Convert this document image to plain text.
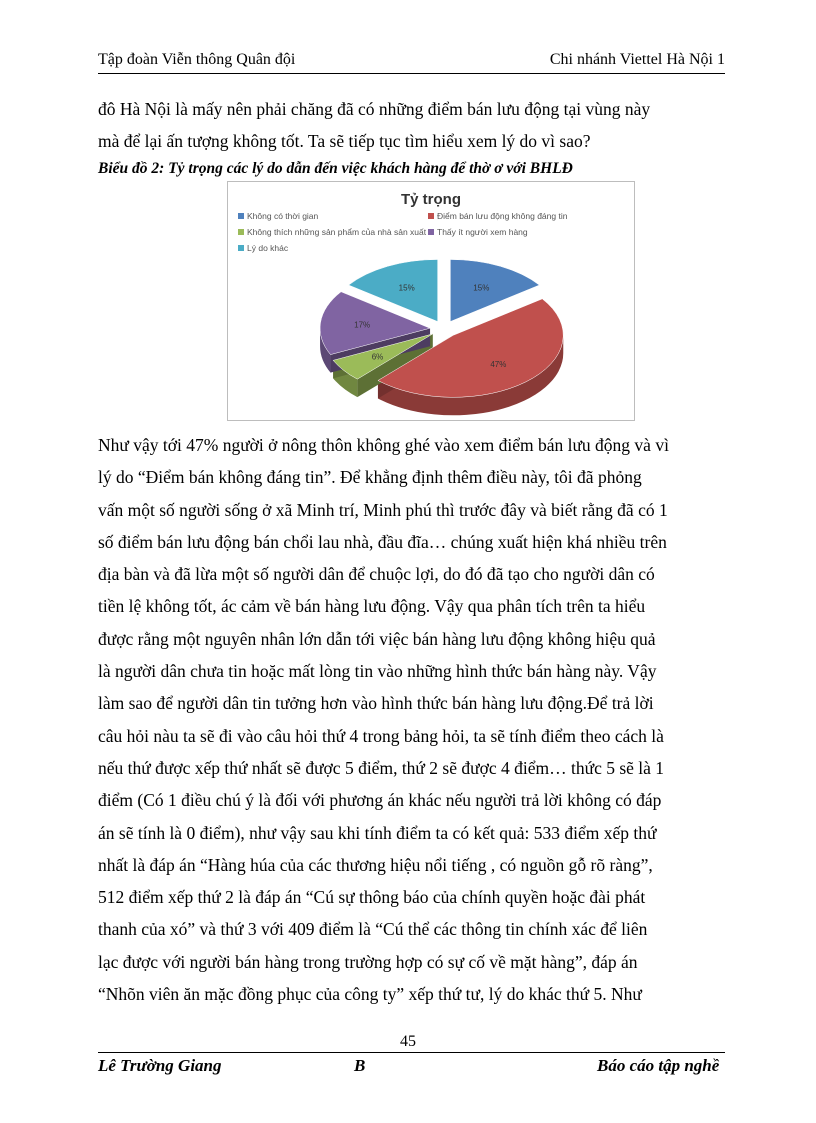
Tập đoàn Viễn thông Quân đội	Chi nhánh Viettel Hà Nội 1

đô Hà Nội là mấy nên phải chăng đã có những điểm bán lưu động tại vùng này

mà để lại ấn tượng không tốt. Ta sẽ tiếp tục tìm hiểu xem lý do vì sao?

Biểu đồ 2: Tỷ trọng các lý do dẫn đến việc khách hàng để thờ ơ với BHLĐ
Tỷ trọng
Không có thời gian	Điểm bán lưu động không đáng tin
Không thích những sản phẩm của nhà sản xuất Thấy ít người xem hàng
Lý do khác
15%
47%
6%
17%
15%

Như vậy tới 47% người ở nông thôn không ghé vào xem điểm bán lưu động và vì

lý do “Điểm bán không đáng tin”. Để khẳng định thêm điều này, tôi đã phỏng

vấn một số người sống ở xã Minh trí, Minh phú thì trước đây và biết rằng đã có 1

số điểm bán lưu động bán chổi lau nhà, đầu đĩa… chúng xuất hiện khá nhiều trên

địa bàn và đã lừa một số người dân để chuộc lợi, do đó đã tạo cho người dân có

tiền lệ không tốt, ác cảm về bán hàng lưu động. Vậy qua phân tích trên ta hiểu

được rằng một nguyên nhân lớn dẫn tới việc bán hàng lưu động không hiệu quả

là người dân chưa tin hoặc mất lòng tin vào những hình thức bán hàng này. Vậy

làm sao để người dân tin tưởng hơn vào hình thức bán hàng lưu động.Để trả lời

câu hỏi nàu ta sẽ đi vào câu hỏi thứ 4 trong bảng hỏi, ta sẽ tính điểm theo cách là

nếu thứ được xếp thứ nhất sẽ được 5 điểm, thứ 2 sẽ được 4 điểm… thức 5 sẽ là 1

điểm (Có 1 điều chú ý là đối với phương án khác nếu người trả lời không có đáp

án sẽ tính là 0 điểm), như vậy sau khi tính điểm ta có kết quả: 533 điểm xếp thứ

nhất là đáp án “Hàng húa của các thương hiệu nổi tiếng , có nguồn gỗ rõ ràng”,

512 điểm xếp thứ 2 là đáp án “Cú sự thông báo của chính quyền hoặc đài phát

thanh của xó” và thứ 3 với 409 điểm là “Cú thể các thông tin chính xác để liên

lạc được với người bán hàng trong trường hợp có sự cố về mặt hàng”, đáp án

“Nhõn viên ăn mặc đồng phục của công ty” xếp thứ tư, lý do khác thứ 5. Như

45
Lê Trường Giang	B	Báo cáo tập nghề
